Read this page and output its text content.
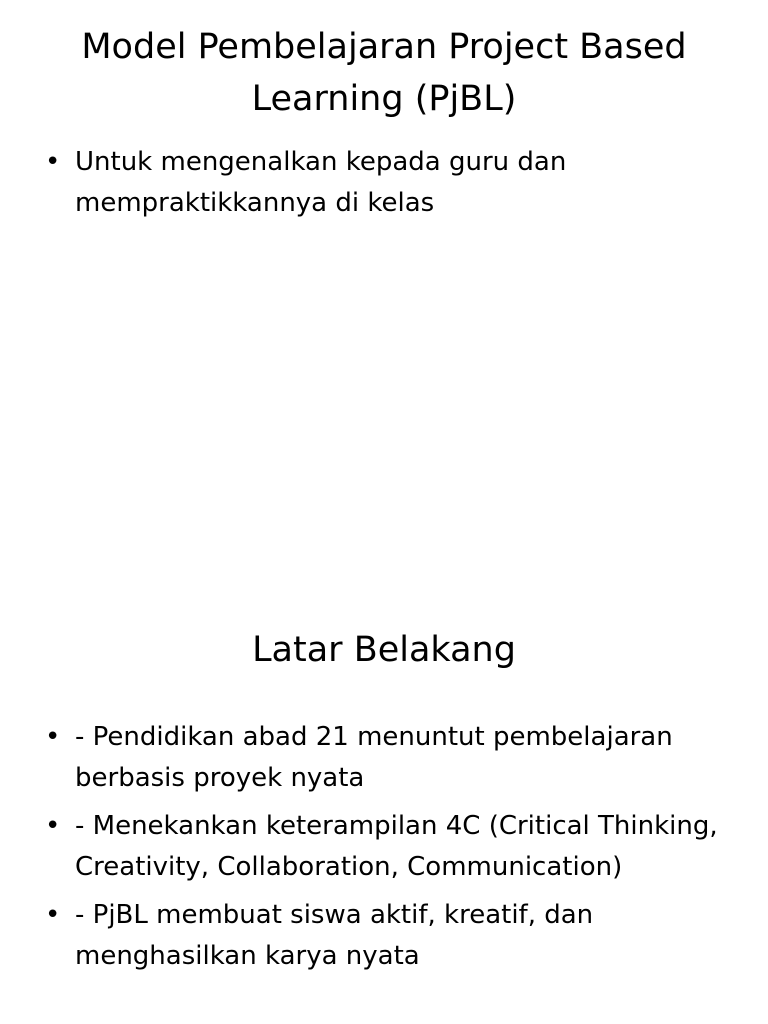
Model Pembelajaran Project Based Learning (PjBL)
• Untuk mengenalkan kepada guru dan mempraktikkannya di kelas
Latar Belakang
• - Pendidikan abad 21 menuntut pembelajaran berbasis proyek nyata
• - Menekankan keterampilan 4C (Critical Thinking, Creativity, Collaboration, Communication)
• - PjBL membuat siswa aktif, kreatif, dan menghasilkan karya nyata
